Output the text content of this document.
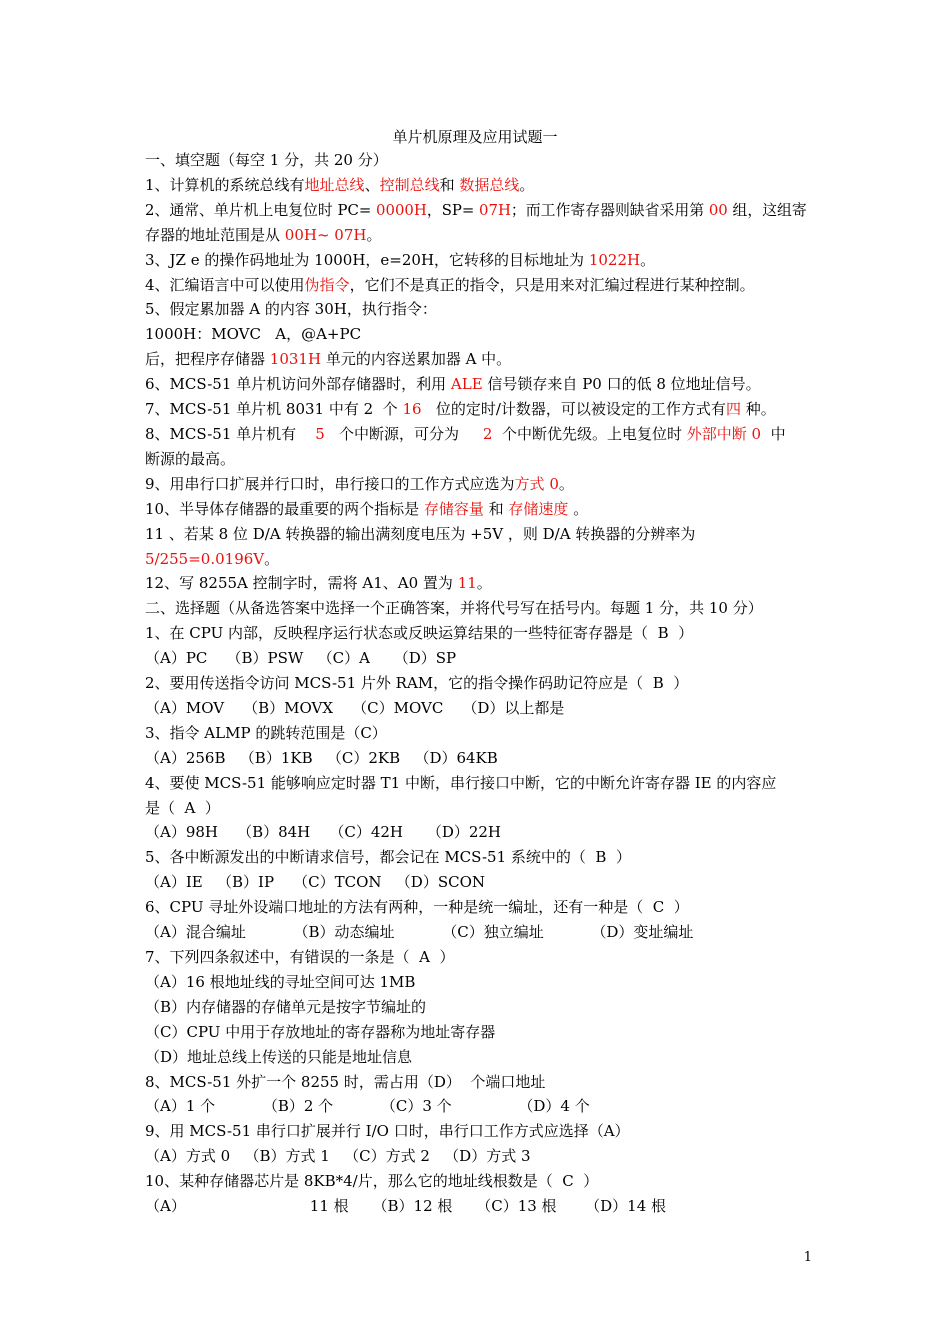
单片机原理及应用试题一
一、填空题（每空 1 分，共 20 分）
1、计算机的系统总线有地址总线、控制总线和 数据总线。
2、通常、单片机上电复位时 PC= 0000H，SP= 07H；而工作寄存器则缺省采用第 00 组，这组寄
存器的地址范围是从 00H~ 07H。
3、JZ e 的操作码地址为 1000H，e=20H，它转移的目标地址为 1022H。
4、汇编语言中可以使用伪指令，它们不是真正的指令，只是用来对汇编过程进行某种控制。
5、假定累加器 A 的内容 30H，执行指令：
1000H：MOVC   A，@A+PC
后，把程序存储器 1031H 单元的内容送累加器 A 中。
6、MCS-51 单片机访问外部存储器时，利用 ALE 信号锁存来自 P0 口的低 8 位地址信号。
7、MCS-51 单片机 8031 中有 2  个 16   位的定时/计数器，可以被设定的工作方式有四 种。
8、MCS-51 单片机有    5   个中断源，可分为     2  个中断优先级。上电复位时 外部中断 0  中
断源的最高。
9、用串行口扩展并行口时，串行接口的工作方式应选为方式 0。
10、半导体存储器的最重要的两个指标是 存储容量 和 存储速度 。
11 、若某 8 位 D/A 转换器的输出满刻度电压为 +5V ，则 D/A 转换器的分辨率为
5/255=0.0196V。
12、写 8255A 控制字时，需将 A1、A0 置为 11。
二、选择题（从备选答案中选择一个正确答案，并将代号写在括号内。每题 1 分，共 10 分）
1、在 CPU 内部，反映程序运行状态或反映运算结果的一些特征寄存器是（  B  ）
（A）PC    （B）PSW   （C）A     （D）SP
2、要用传送指令访问 MCS-51 片外 RAM，它的指令操作码助记符应是（  B  ）
（A）MOV    （B）MOVX    （C）MOVC    （D）以上都是
3、指令 ALMP 的跳转范围是（C）
（A）256B   （B）1KB   （C）2KB   （D）64KB
4、要使 MCS-51 能够响应定时器 T1 中断，串行接口中断，它的中断允许寄存器 IE 的内容应
是（  A  ）
（A）98H    （B）84H    （C）42H     （D）22H
5、各中断源发出的中断请求信号，都会记在 MCS-51 系统中的（  B  ）
（A）IE   （B）IP    （C）TCON   （D）SCON
6、CPU 寻址外设端口地址的方法有两种，一种是统一编址，还有一种是（  C  ）
（A）混合编址          （B）动态编址          （C）独立编址          （D）变址编址
7、下列四条叙述中，有错误的一条是（  A  ）
（A）16 根地址线的寻址空间可达 1MB
（B）内存储器的存储单元是按字节编址的
（C）CPU 中用于存放地址的寄存器称为地址寄存器
（D）地址总线上传送的只能是地址信息
8、MCS-51 外扩一个 8255 时，需占用（D）  个端口地址
（A）1 个          （B）2 个          （C）3 个              （D）4 个
9、用 MCS-51 串行口扩展并行 I/O 口时，串行口工作方式应选择（A）
（A）方式 0   （B）方式 1   （C）方式 2   （D）方式 3
10、某种存储器芯片是 8KB*4/片，那么它的地址线根数是（  C  ）
（A）                          11 根     （B）12 根     （C）13 根      （D）14 根
1
